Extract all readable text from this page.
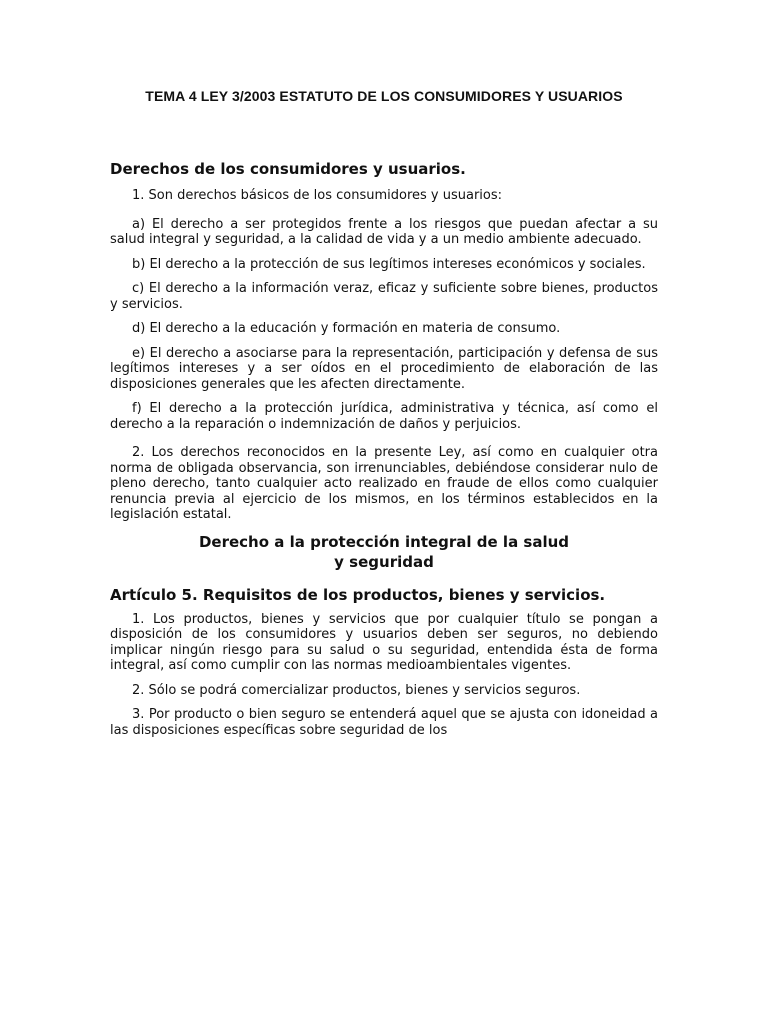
TEMA 4 LEY 3/2003 ESTATUTO DE LOS CONSUMIDORES Y USUARIOS
Derechos de los consumidores y usuarios.

1. Son derechos básicos de los consumidores y usuarios:

a) El derecho a ser protegidos frente a los riesgos que puedan afectar a su salud integral y seguridad, a la calidad de vida y a un medio ambiente adecuado.

b) El derecho a la protección de sus legítimos intereses económicos y sociales.

c) El derecho a la información veraz, eficaz y suficiente sobre bienes, productos y servicios.

d) El derecho a la educación y formación en materia de consumo.

e) El derecho a asociarse para la representación, participación y defensa de sus legítimos intereses y a ser oídos en el procedimiento de elaboración de las disposiciones generales que les afecten directamente.

f) El derecho a la protección jurídica, administrativa y técnica, así como el derecho a la reparación o indemnización de daños y perjuicios.

2. Los derechos reconocidos en la presente Ley, así como en cualquier otra norma de obligada observancia, son irrenunciables, debiéndose considerar nulo de pleno derecho, tanto cualquier acto realizado en fraude de ellos como cualquier renuncia previa al ejercicio de los mismos, en los términos establecidos en la legislación estatal.

Derecho a la protección integral de la salud
y seguridad
Artículo 5. Requisitos de los productos, bienes y servicios.

1. Los productos, bienes y servicios que por cualquier título se pongan a disposición de los consumidores y usuarios deben ser seguros, no debiendo implicar ningún riesgo para su salud o su seguridad, entendida ésta de forma integral, así como cumplir con las normas medioambientales vigentes.

2. Sólo se podrá comercializar productos, bienes y servicios seguros.

3. Por producto o bien seguro se entenderá aquel que se ajusta con idoneidad a las disposiciones específicas sobre seguridad de los
